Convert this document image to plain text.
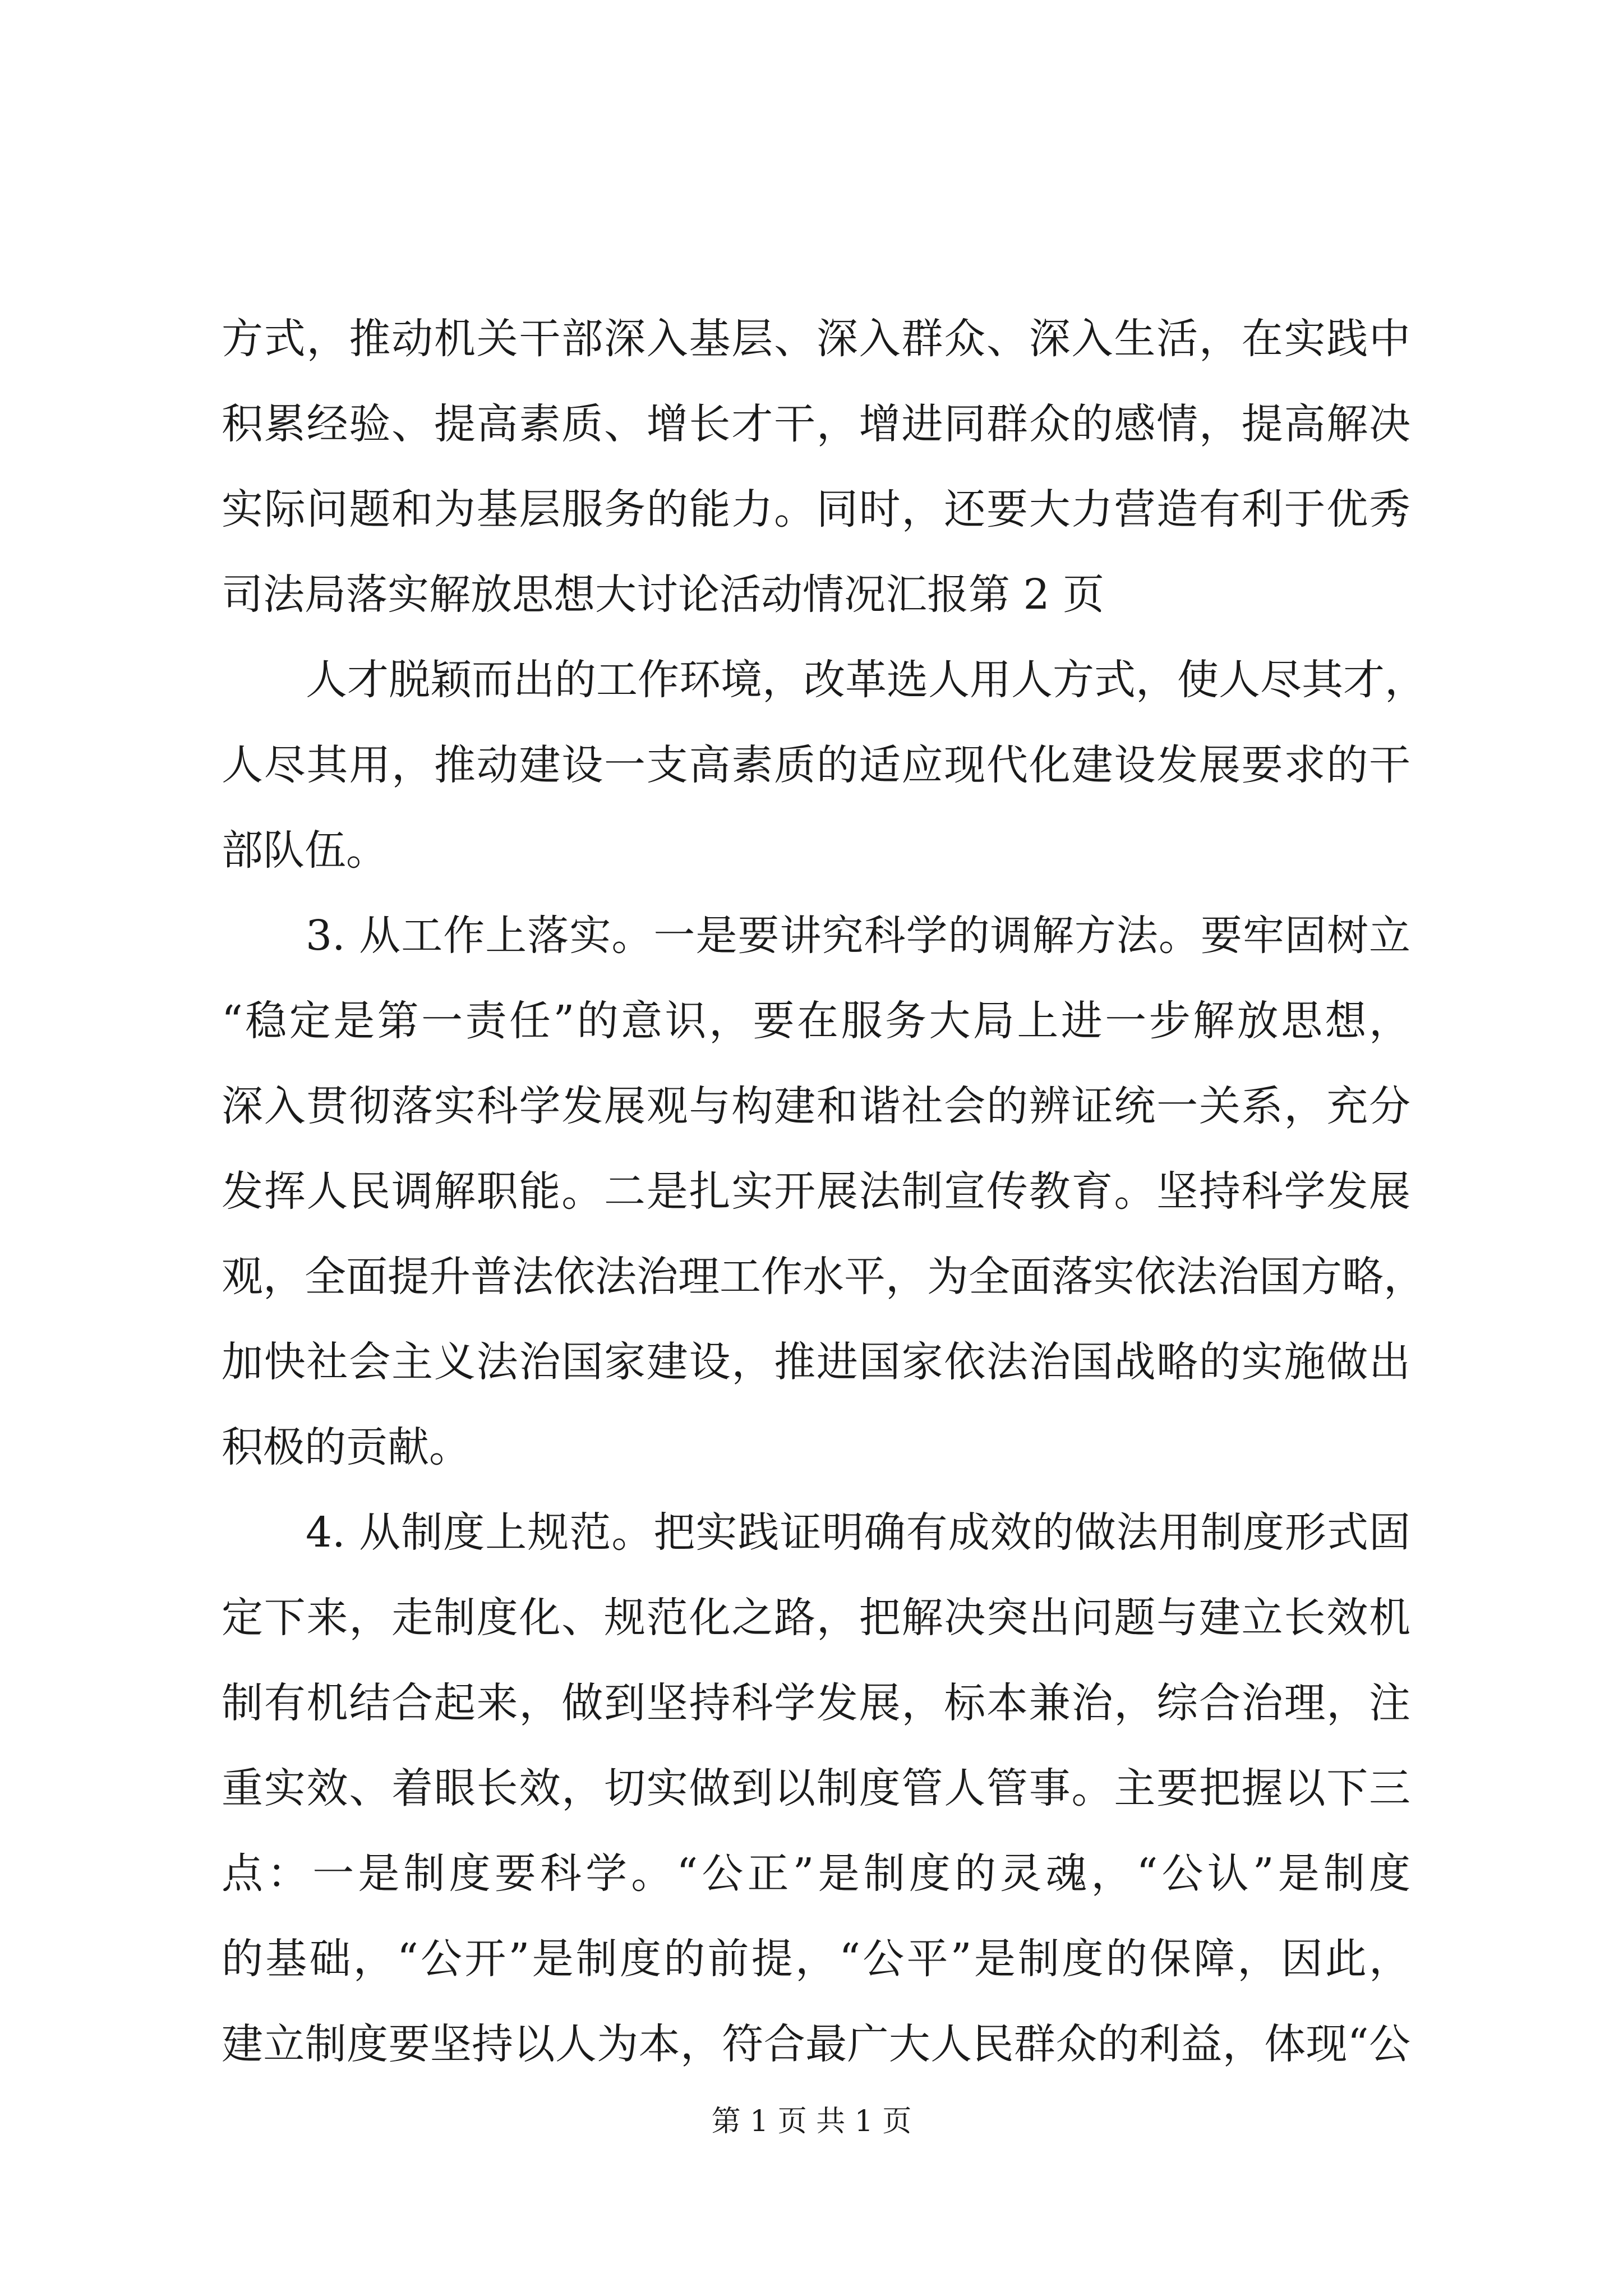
方式，推动机关干部深入基层、深入群众、深入生活，在实践中
积累经验、提高素质、增长才干，增进同群众的感情，提高解决
实际问题和为基层服务的能力。同时，还要大力营造有利于优秀
司法局落实解放思想大讨论活动情况汇报第 2 页
人才脱颖而出的工作环境，改革选人用人方式，使人尽其才，
人尽其用，推动建设一支高素质的适应现代化建设发展要求的干
部队伍。
3. 从工作上落实。一是要讲究科学的调解方法。要牢固树立
“稳定是第一责任”的意识，要在服务大局上进一步解放思想，
深入贯彻落实科学发展观与构建和谐社会的辨证统一关系，充分
发挥人民调解职能。二是扎实开展法制宣传教育。坚持科学发展
观，全面提升普法依法治理工作水平，为全面落实依法治国方略，
加快社会主义法治国家建设，推进国家依法治国战略的实施做出
积极的贡献。
4. 从制度上规范。把实践证明确有成效的做法用制度形式固
定下来，走制度化、规范化之路，把解决突出问题与建立长效机
制有机结合起来，做到坚持科学发展，标本兼治，综合治理，注
重实效、着眼长效，切实做到以制度管人管事。主要把握以下三
点：一是制度要科学。“公正”是制度的灵魂，“公认”是制度
的基础，“公开”是制度的前提，“公平”是制度的保障，因此，
建立制度要坚持以人为本，符合最广大人民群众的利益，体现“公
第 1 页 共 1 页
